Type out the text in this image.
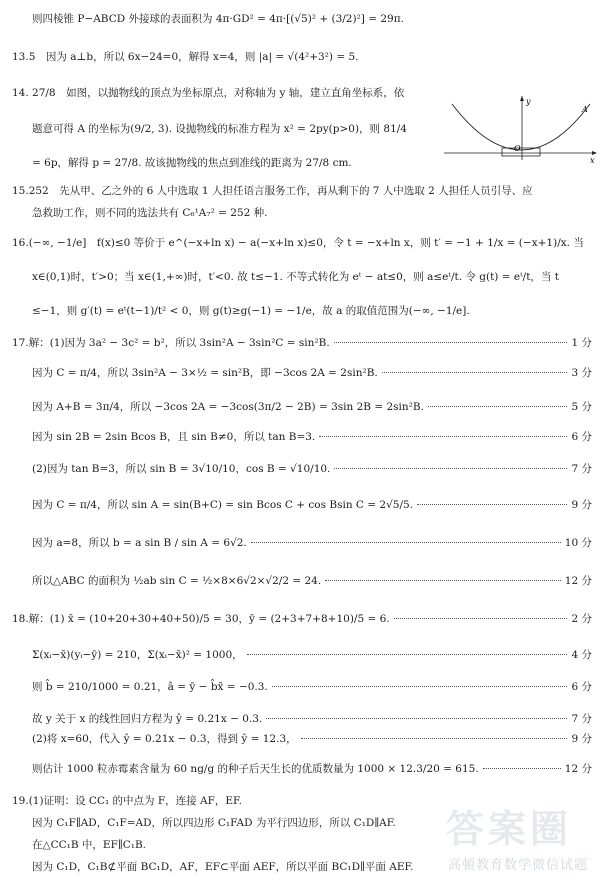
则四棱锥 P−ABCD 外接球的表面积为 4π·GD² = 4π·[(√5)² + (3/2)²] = 29π.
13.5　因为 a⊥b，所以 6x−24=0，解得 x=4，则 |a| = √(4²+3²) = 5.
14. 27/8　如图，以抛物线的顶点为坐标原点，对称轴为 y 轴，建立直角坐标系，依
题意可得 A 的坐标为(9/2, 3). 设抛物线的标准方程为 x² = 2py(p>0)，则 81/4
= 6p，解得 p = 27/8. 故该抛物线的焦点到准线的距离为 27/8 cm.
15.252　先从甲、乙之外的 6 人中选取 1 人担任语言服务工作，再从剩下的 7 人中选取 2 人担任人员引导、应
急救助工作，则不同的选法共有 C₆¹A₇² = 252 种.
16.(−∞, −1/e]　f(x)≤0 等价于 e^(−x+ln x) − a(−x+ln x)≤0，令 t = −x+ln x，则 t′ = −1 + 1/x = (−x+1)/x. 当
x∈(0,1)时，t′>0；当 x∈(1,+∞)时，t′<0. 故 t≤−1. 不等式转化为 eᵗ − at≤0，则 a≤eᵗ/t. 令 g(t) = eᵗ/t，当 t
≤−1，则 g′(t) = eᵗ(t−1)/t² < 0，则 g(t)≥g(−1) = −1/e，故 a 的取值范围为(−∞, −1/e].
17.解：(1)因为 3a² − 3c² = b²，所以 3sin²A − 3sin²C = sin²B.	1 分
因为 C = π/4，所以 3sin²A − 3×½ = sin²B，即 −3cos 2A = 2sin²B.	3 分
因为 A+B = 3π/4，所以 −3cos 2A = −3cos(3π/2 − 2B) = 3sin 2B = 2sin²B.	5 分
因为 sin 2B = 2sin Bcos B，且 sin B≠0，所以 tan B=3.	6 分
(2)因为 tan B=3，所以 sin B = 3√10/10，cos B = √10/10.	7 分
因为 C = π/4，所以 sin A = sin(B+C) = sin Bcos C + cos Bsin C = 2√5/5.	9 分
因为 a=8，所以 b = a sin B / sin A = 6√2.	10 分
所以△ABC 的面积为 ½ab sin C = ½×8×6√2×√2/2 = 24.	12 分
18.解：(1) x̄ = (10+20+30+40+50)/5 = 30，ȳ = (2+3+7+8+10)/5 = 6.	2 分
Σ(xᵢ−x̄)(yᵢ−ȳ) = 210，Σ(xᵢ−x̄)² = 1000，	4 分
则 b̂ = 210/1000 = 0.21，â = ȳ − b̂x̄ = −0.3.	6 分
故 y 关于 x 的线性回归方程为 ŷ = 0.21x − 0.3.	7 分
(2)将 x=60，代入 ŷ = 0.21x − 0.3，得到 ŷ = 12.3，	9 分
则估计 1000 粒赤霉素含量为 60 ng/g 的种子后天生长的优质数量为 1000 × 12.3/20 = 615.	12 分
19.(1)证明：设 CC₁ 的中点为 F，连接 AF，EF.
因为 C₁F∥AD，C₁F=AD，所以四边形 C₁FAD 为平行四边形，所以 C₁D∥AF.
在△CC₁B 中，EF∥C₁B.
因为 C₁D，C₁B⊄平面 BC₁D，AF，EF⊂平面 AEF，所以平面 BC₁D∥平面 AEF.
y
x
O
A
答案圈
高頓教育数学微信试题
